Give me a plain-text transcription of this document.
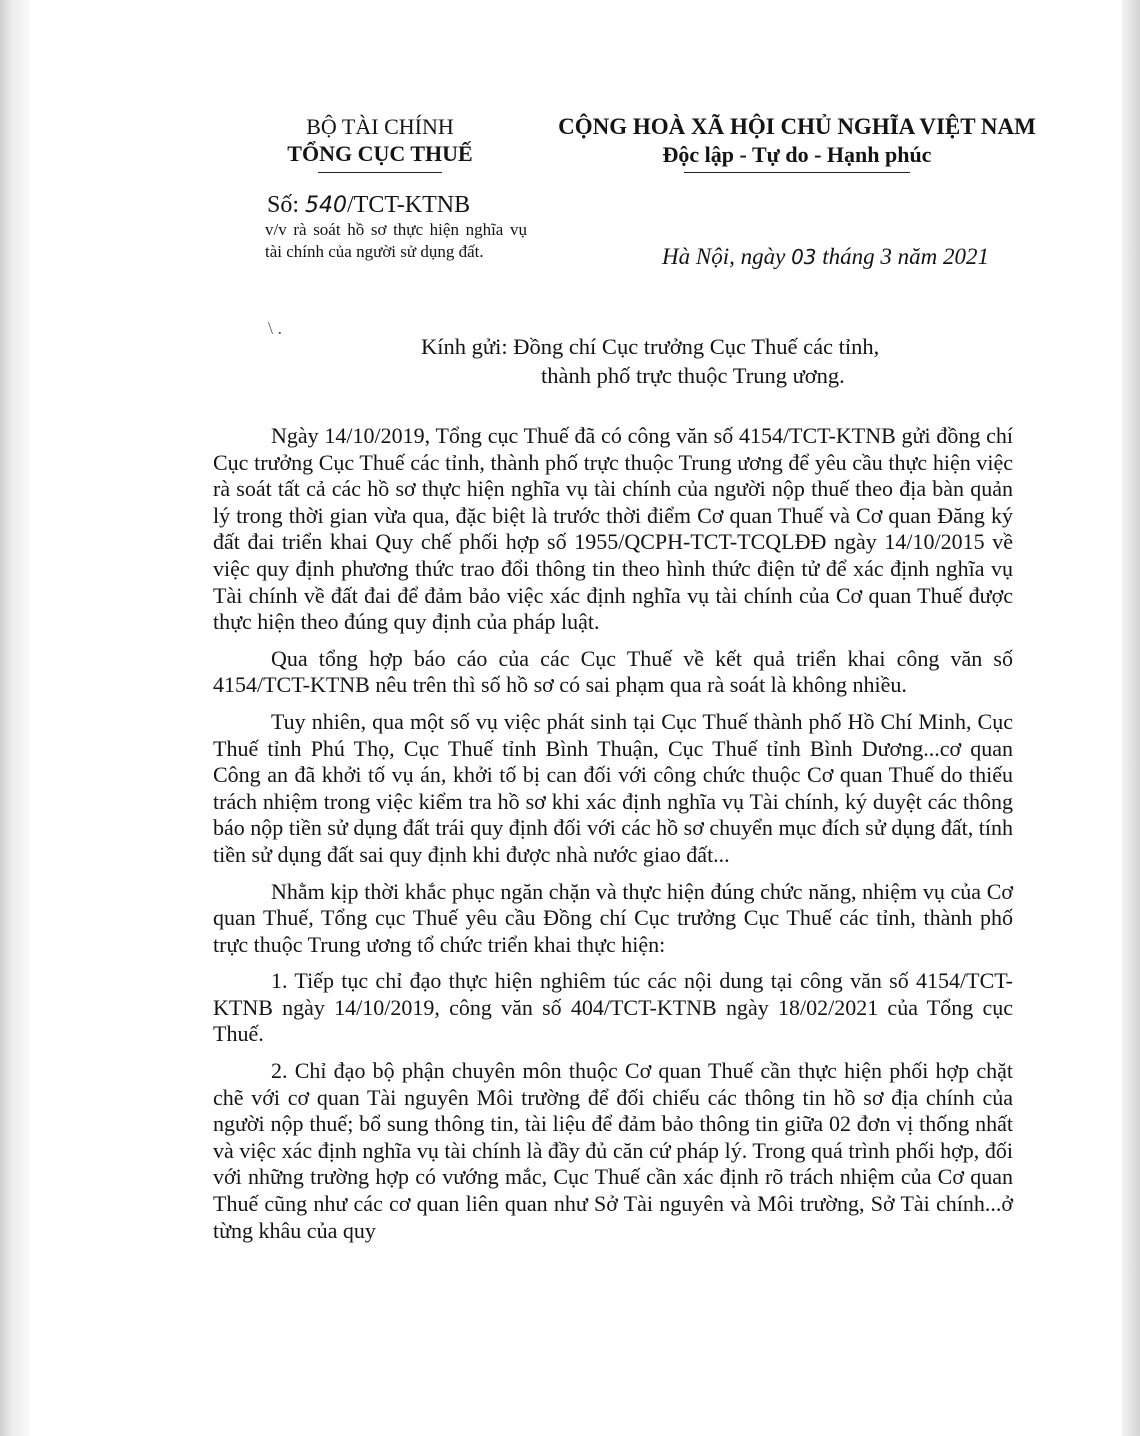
BỘ TÀI CHÍNH
TỔNG CỤC THUẾ
CỘNG HOÀ XÃ HỘI CHỦ NGHĨA VIỆT NAM
Độc lập - Tự do - Hạnh phúc
Số: 540/TCT-KTNB
v/v rà soát hồ sơ thực hiện nghĩa vụ tài chính của người sử dụng đất.	Hà Nội, ngày 03 tháng 3 năm 2021
\ .
Kính gửi: Đồng chí Cục trưởng Cục Thuế các tỉnh,
thành phố trực thuộc Trung ương.

Ngày 14/10/2019, Tổng cục Thuế đã có công văn số 4154/TCT-KTNB gửi đồng chí Cục trưởng Cục Thuế các tỉnh, thành phố trực thuộc Trung ương để yêu cầu thực hiện việc rà soát tất cả các hồ sơ thực hiện nghĩa vụ tài chính của người nộp thuế theo địa bàn quản lý trong thời gian vừa qua, đặc biệt là trước thời điểm Cơ quan Thuế và Cơ quan Đăng ký đất đai triển khai Quy chế phối hợp số 1955/QCPH-TCT-TCQLĐĐ ngày 14/10/2015 về việc quy định phương thức trao đổi thông tin theo hình thức điện tử để xác định nghĩa vụ Tài chính về đất đai để đảm bảo việc xác định nghĩa vụ tài chính của Cơ quan Thuế được thực hiện theo đúng quy định của pháp luật.

Qua tổng hợp báo cáo của các Cục Thuế về kết quả triển khai công văn số 4154/TCT-KTNB nêu trên thì số hồ sơ có sai phạm qua rà soát là không nhiều.

Tuy nhiên, qua một số vụ việc phát sinh tại Cục Thuế thành phố Hồ Chí Minh, Cục Thuế tỉnh Phú Thọ, Cục Thuế tỉnh Bình Thuận, Cục Thuế tỉnh Bình Dương...cơ quan Công an đã khởi tố vụ án, khởi tố bị can đối với công chức thuộc Cơ quan Thuế do thiếu trách nhiệm trong việc kiểm tra hồ sơ khi xác định nghĩa vụ Tài chính, ký duyệt các thông báo nộp tiền sử dụng đất trái quy định đối với các hồ sơ chuyển mục đích sử dụng đất, tính tiền sử dụng đất sai quy định khi được nhà nước giao đất...

Nhằm kịp thời khắc phục ngăn chặn và thực hiện đúng chức năng, nhiệm vụ của Cơ quan Thuế, Tổng cục Thuế yêu cầu Đồng chí Cục trưởng Cục Thuế các tỉnh, thành phố trực thuộc Trung ương tổ chức triển khai thực hiện:

1. Tiếp tục chỉ đạo thực hiện nghiêm túc các nội dung tại công văn số 4154/TCT-KTNB ngày 14/10/2019, công văn số 404/TCT-KTNB ngày 18/02/2021 của Tổng cục Thuế.

2. Chỉ đạo bộ phận chuyên môn thuộc Cơ quan Thuế cần thực hiện phối hợp chặt chẽ với cơ quan Tài nguyên Môi trường để đối chiếu các thông tin hồ sơ địa chính của người nộp thuế; bổ sung thông tin, tài liệu để đảm bảo thông tin giữa 02 đơn vị thống nhất và việc xác định nghĩa vụ tài chính là đầy đủ căn cứ pháp lý. Trong quá trình phối hợp, đối với những trường hợp có vướng mắc, Cục Thuế cần xác định rõ trách nhiệm của Cơ quan Thuế cũng như các cơ quan liên quan như Sở Tài nguyên và Môi trường, Sở Tài chính...ở từng khâu của quy
